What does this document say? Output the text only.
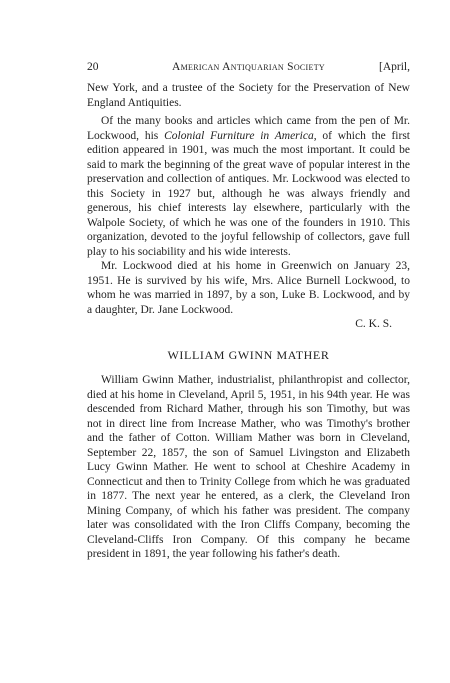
20	American Antiquarian Society	[April,

New York, and a trustee of the Society for the Preservation of New England Antiquities.

Of the many books and articles which came from the pen of Mr. Lockwood, his Colonial Furniture in America, of which the first edition appeared in 1901, was much the most important. It could be said to mark the beginning of the great wave of popular interest in the preservation and collection of antiques. Mr. Lockwood was elected to this Society in 1927 but, although he was always friendly and generous, his chief interests lay elsewhere, particularly with the Walpole Society, of which he was one of the founders in 1910. This organization, devoted to the joyful fellowship of collectors, gave full play to his sociability and his wide interests.

Mr. Lockwood died at his home in Greenwich on January 23, 1951. He is survived by his wife, Mrs. Alice Burnell Lockwood, to whom he was married in 1897, by a son, Luke B. Lockwood, and by a daughter, Dr. Jane Lockwood.

C. K. S.

WILLIAM GWINN MATHER

William Gwinn Mather, industrialist, philanthropist and collector, died at his home in Cleveland, April 5, 1951, in his 94th year. He was descended from Richard Mather, through his son Timothy, but was not in direct line from Increase Mather, who was Timothy's brother and the father of Cotton. William Mather was born in Cleveland, September 22, 1857, the son of Samuel Livingston and Elizabeth Lucy Gwinn Mather. He went to school at Cheshire Academy in Connecticut and then to Trinity College from which he was graduated in 1877. The next year he entered, as a clerk, the Cleveland Iron Mining Company, of which his father was president. The company later was consolidated with the Iron Cliffs Company, becoming the Cleveland-Cliffs Iron Company. Of this company he became president in 1891, the year following his father's death.
